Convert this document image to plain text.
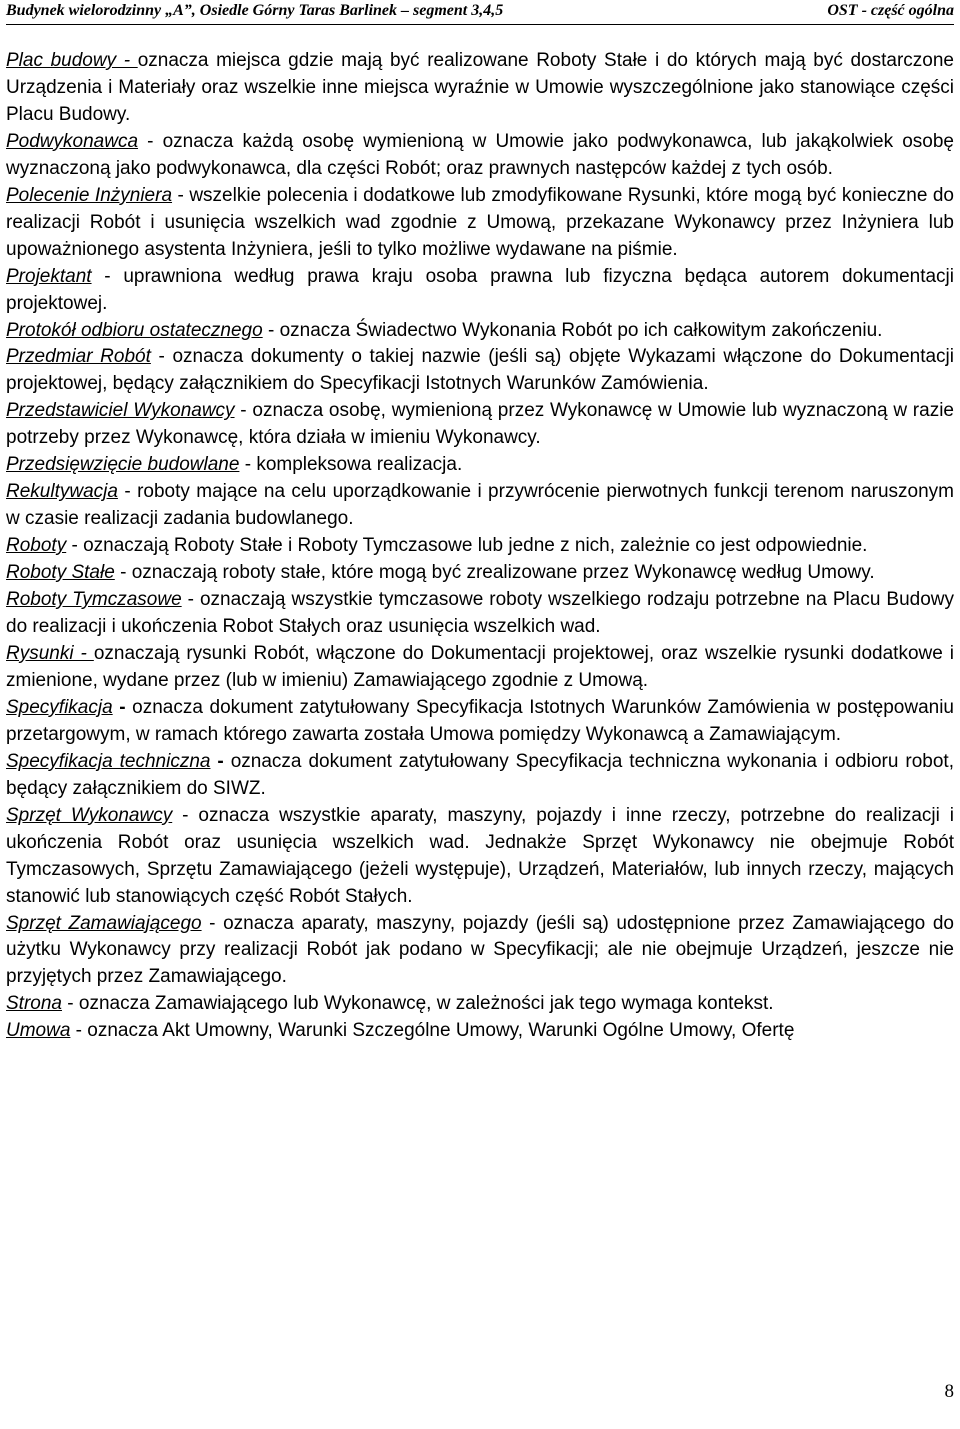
Budynek wielorodzinny „A”, Osiedle Górny Taras Barlinek – segment 3,4,5	OST - część ogólna

Plac budowy - oznacza miejsca gdzie mają być realizowane Roboty Stałe i do których mają być dostarczone Urządzenia i Materiały oraz wszelkie inne miejsca wyraźnie w Umowie wyszczególnione jako stanowiące części Placu Budowy.

Podwykonawca - oznacza każdą osobę wymienioną w Umowie jako podwykonawca, lub jakąkolwiek osobę wyznaczoną jako podwykonawca, dla części Robót; oraz prawnych następców każdej z tych osób.

Polecenie Inżyniera - wszelkie polecenia i dodatkowe lub zmodyfikowane Rysunki, które mogą być konieczne do realizacji Robót i usunięcia wszelkich wad zgodnie z Umową, przekazane Wykonawcy przez Inżyniera lub upoważnionego asystenta Inżyniera, jeśli to tylko możliwe wydawane na piśmie.

Projektant - uprawniona według prawa kraju osoba prawna lub fizyczna będąca autorem dokumentacji projektowej.

Protokół odbioru ostatecznego - oznacza Świadectwo Wykonania Robót po ich całkowitym zakończeniu.

Przedmiar Robót - oznacza dokumenty o takiej nazwie (jeśli są) objęte Wykazami włączone do Dokumentacji projektowej, będący załącznikiem do Specyfikacji Istotnych Warunków Zamówienia.

Przedstawiciel Wykonawcy - oznacza osobę, wymienioną przez Wykonawcę w Umowie lub wyznaczoną w razie potrzeby przez Wykonawcę, która działa w imieniu Wykonawcy.

Przedsięwzięcie budowlane - kompleksowa realizacja.

Rekultywacja - roboty mające na celu uporządkowanie i przywrócenie pierwotnych funkcji terenom naruszonym w czasie realizacji zadania budowlanego.

Roboty - oznaczają Roboty Stałe i Roboty Tymczasowe lub jedne z nich, zależnie co jest odpowiednie.

Roboty Stałe - oznaczają roboty stałe, które mogą być zrealizowane przez Wykonawcę według Umowy.

Roboty Tymczasowe - oznaczają wszystkie tymczasowe roboty wszelkiego rodzaju potrzebne na Placu Budowy do realizacji i ukończenia Robot Stałych oraz usunięcia wszelkich wad.

Rysunki - oznaczają rysunki Robót, włączone do Dokumentacji projektowej, oraz wszelkie rysunki dodatkowe i zmienione, wydane przez (lub w imieniu) Zamawiającego zgodnie z Umową.

Specyfikacja - oznacza dokument zatytułowany Specyfikacja Istotnych Warunków Zamówienia w postępowaniu przetargowym, w ramach którego zawarta została Umowa pomiędzy Wykonawcą a Zamawiającym.

Specyfikacja techniczna - oznacza dokument zatytułowany Specyfikacja techniczna wykonania i odbioru robot, będący załącznikiem do SIWZ.

Sprzęt Wykonawcy - oznacza wszystkie aparaty, maszyny, pojazdy i inne rzeczy, potrzebne do realizacji i ukończenia Robót oraz usunięcia wszelkich wad. Jednakże Sprzęt Wykonawcy nie obejmuje Robót Tymczasowych, Sprzętu Zamawiającego (jeżeli występuje), Urządzeń, Materiałów, lub innych rzeczy, mających stanowić lub stanowiących część Robót Stałych.

Sprzęt Zamawiającego - oznacza aparaty, maszyny, pojazdy (jeśli są) udostępnione przez Zamawiającego do użytku Wykonawcy przy realizacji Robót jak podano w Specyfikacji; ale nie obejmuje Urządzeń, jeszcze nie przyjętych przez Zamawiającego.

Strona - oznacza Zamawiającego lub Wykonawcę, w zależności jak tego wymaga kontekst.

Umowa - oznacza Akt Umowny, Warunki Szczególne Umowy, Warunki Ogólne Umowy, Ofertę

8
